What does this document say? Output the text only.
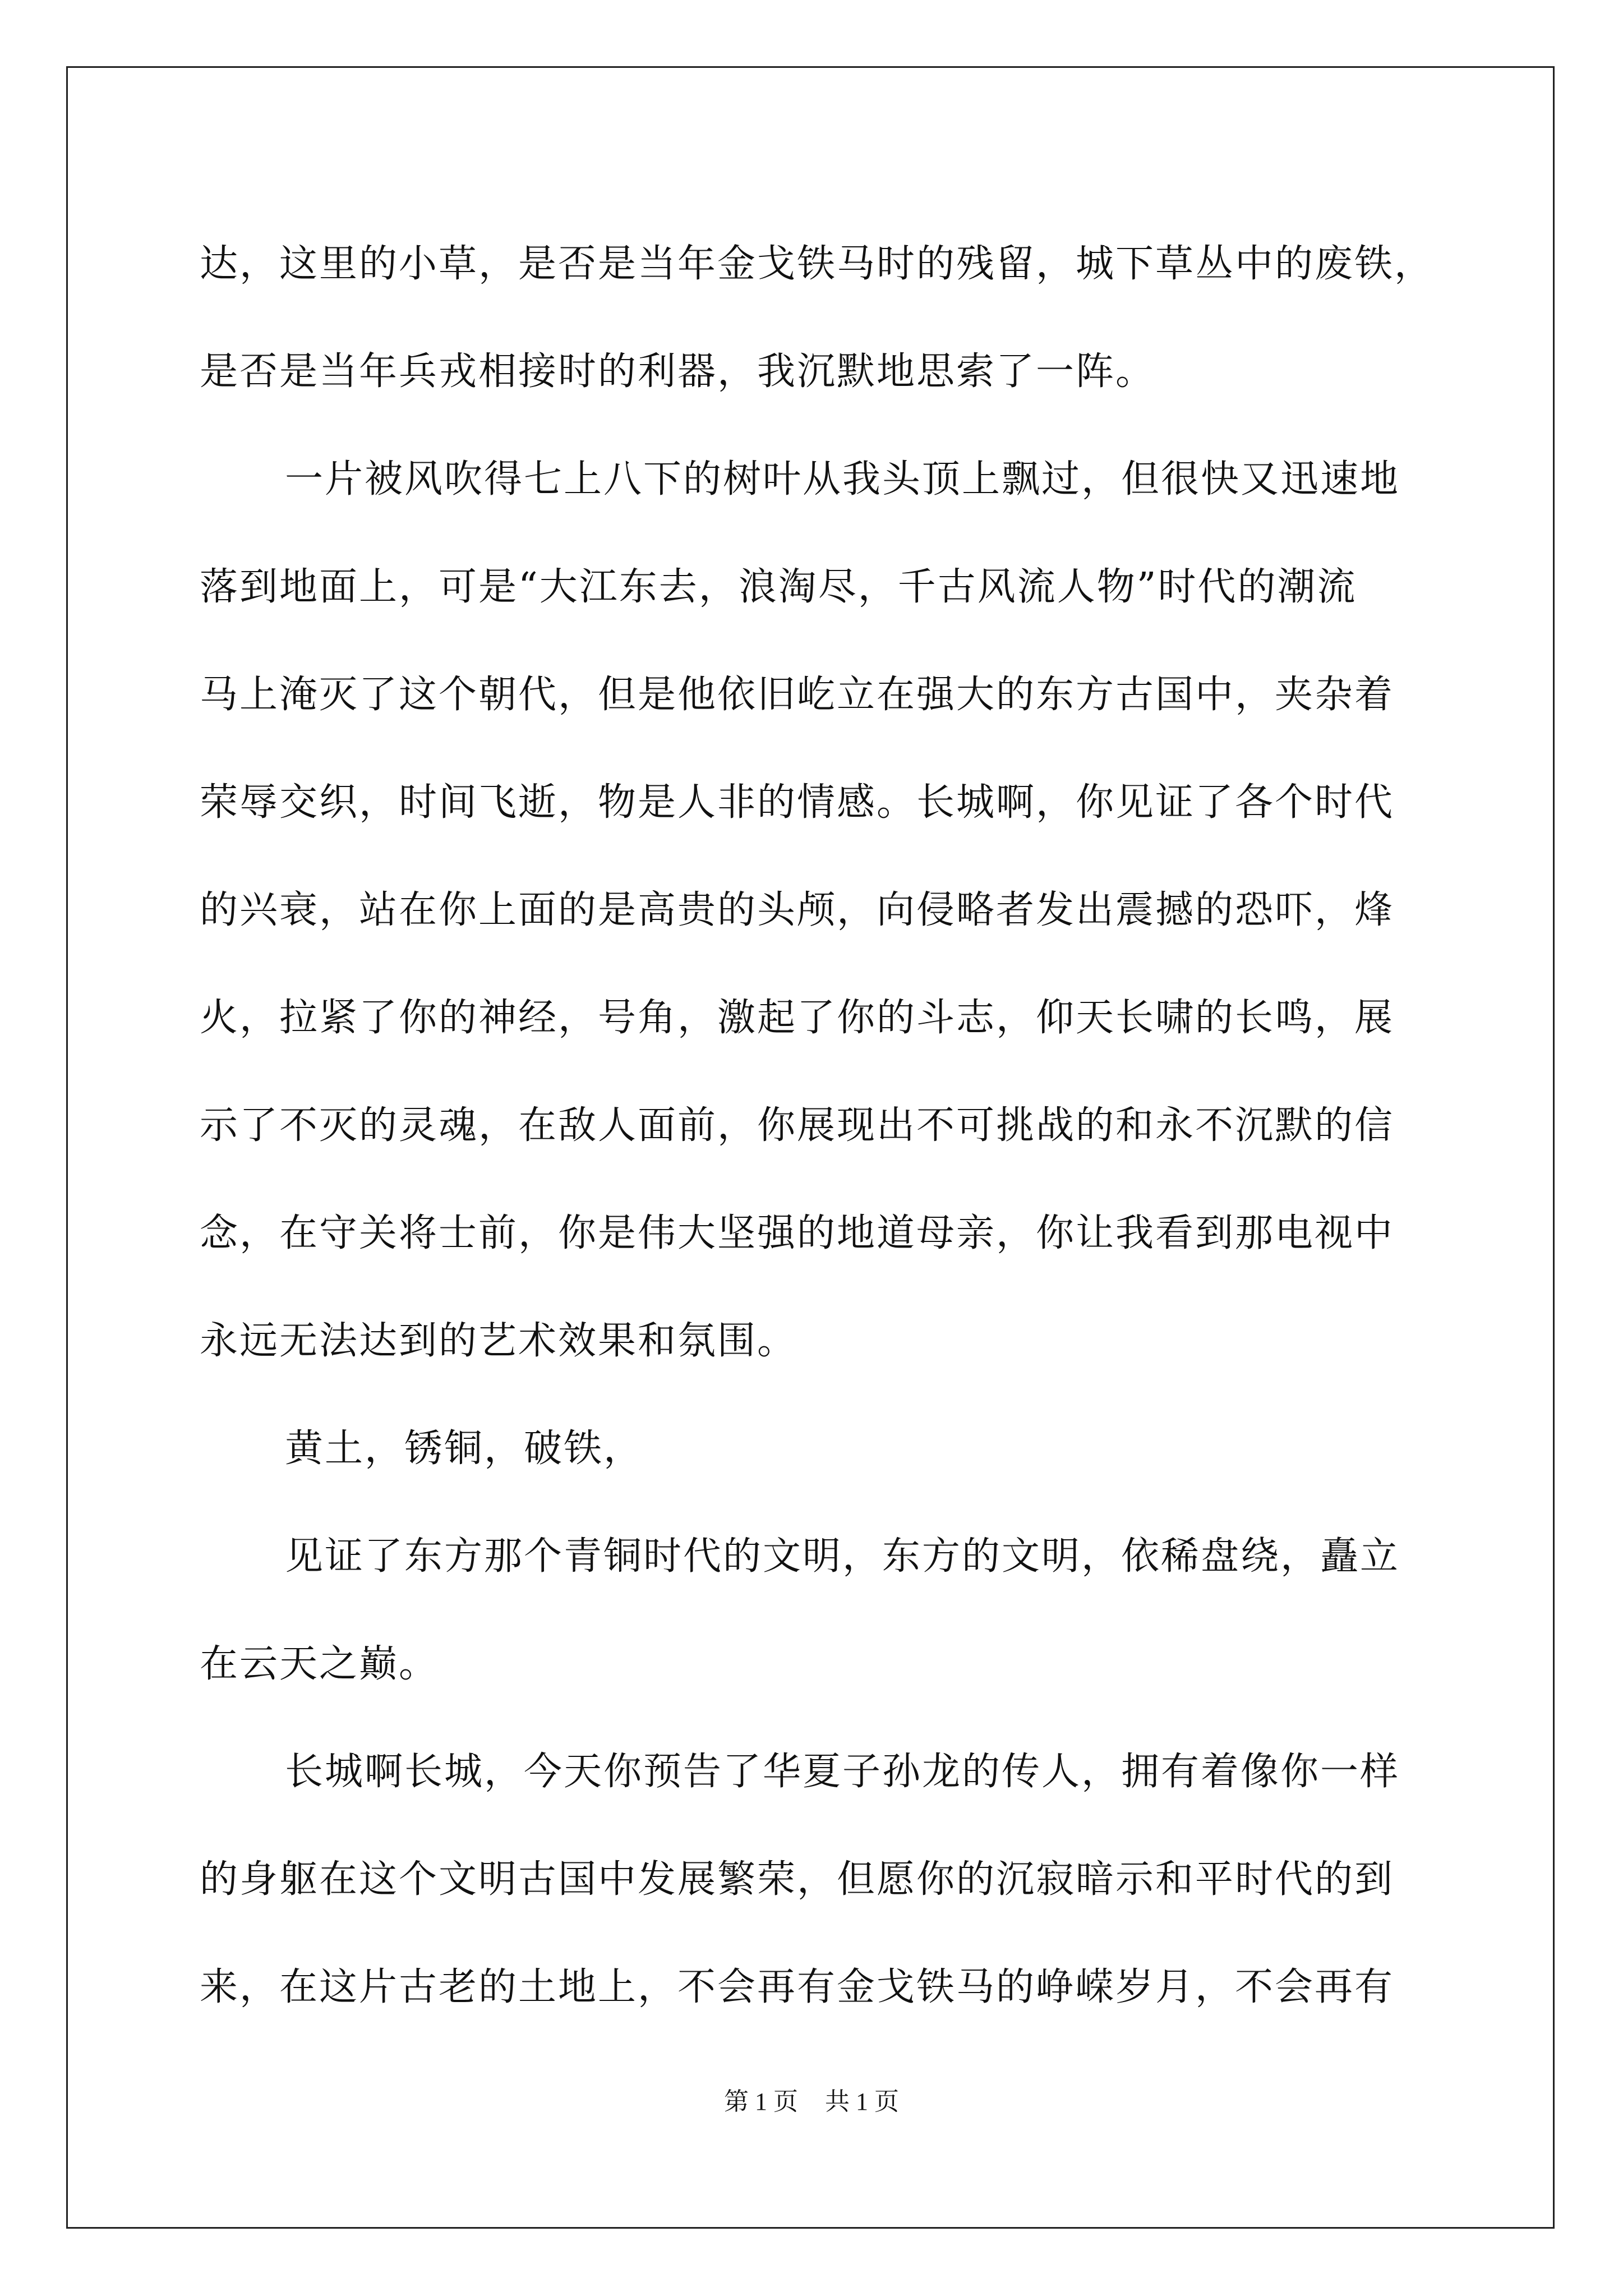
达，这里的小草，是否是当年金戈铁马时的残留，城下草丛中的废铁，
是否是当年兵戎相接时的利器，我沉默地思索了一阵。

一片被风吹得七上八下的树叶从我头顶上飘过，但很快又迅速地
落到地面上，可是“大江东去，浪淘尽，千古风流人物”时代的潮流
马上淹灭了这个朝代，但是他依旧屹立在强大的东方古国中，夹杂着
荣辱交织，时间飞逝，物是人非的情感。长城啊，你见证了各个时代
的兴衰，站在你上面的是高贵的头颅，向侵略者发出震撼的恐吓，烽
火，拉紧了你的神经，号角，激起了你的斗志，仰天长啸的长鸣，展
示了不灭的灵魂，在敌人面前，你展现出不可挑战的和永不沉默的信
念，在守关将士前，你是伟大坚强的地道母亲，你让我看到那电视中
永远无法达到的艺术效果和氛围。

黄土，锈铜，破铁，

见证了东方那个青铜时代的文明，东方的文明，依稀盘绕，矗立
在云天之巅。

长城啊长城，今天你预告了华夏子孙龙的传人，拥有着像你一样
的身躯在这个文明古国中发展繁荣，但愿你的沉寂暗示和平时代的到
来，在这片古老的土地上，不会再有金戈铁马的峥嵘岁月，不会再有

第 1 页 共 1 页
